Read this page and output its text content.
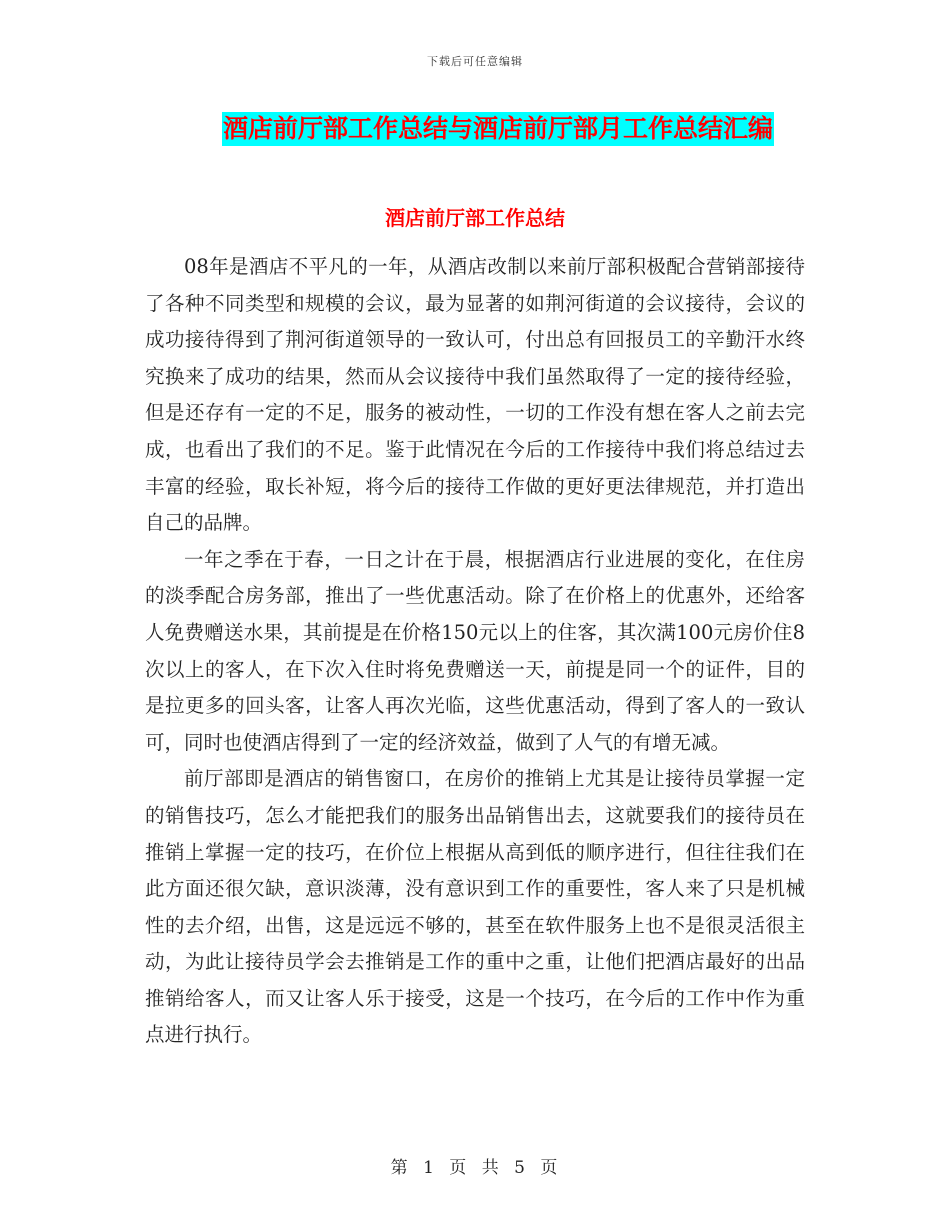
下载后可任意编辑
酒店前厅部工作总结与酒店前厅部月工作总结汇编
酒店前厅部工作总结

08年是酒店不平凡的一年，从酒店改制以来前厅部积极配合营销部接待了各种不同类型和规模的会议，最为显著的如荆河街道的会议接待，会议的成功接待得到了荆河街道领导的一致认可，付出总有回报员工的辛勤汗水终究换来了成功的结果，然而从会议接待中我们虽然取得了一定的接待经验，但是还存有一定的不足，服务的被动性，一切的工作没有想在客人之前去完成，也看出了我们的不足。鉴于此情况在今后的工作接待中我们将总结过去丰富的经验，取长补短，将今后的接待工作做的更好更法律规范，并打造出自己的品牌。

一年之季在于春，一日之计在于晨，根据酒店行业进展的变化，在住房的淡季配合房务部，推出了一些优惠活动。除了在价格上的优惠外，还给客人免费赠送水果，其前提是在价格150元以上的住客，其次满100元房价住8次以上的客人，在下次入住时将免费赠送一天，前提是同一个的证件，目的是拉更多的回头客，让客人再次光临，这些优惠活动，得到了客人的一致认可，同时也使酒店得到了一定的经济效益，做到了人气的有增无减。

前厅部即是酒店的销售窗口，在房价的推销上尤其是让接待员掌握一定的销售技巧，怎么才能把我们的服务出品销售出去，这就要我们的接待员在推销上掌握一定的技巧，在价位上根据从高到低的顺序进行，但往往我们在此方面还很欠缺，意识淡薄，没有意识到工作的重要性，客人来了只是机械性的去介绍，出售，这是远远不够的，甚至在软件服务上也不是很灵活很主动，为此让接待员学会去推销是工作的重中之重，让他们把酒店最好的出品推销给客人，而又让客人乐于接受，这是一个技巧，在今后的工作中作为重点进行执行。

第 1 页 共 5 页
